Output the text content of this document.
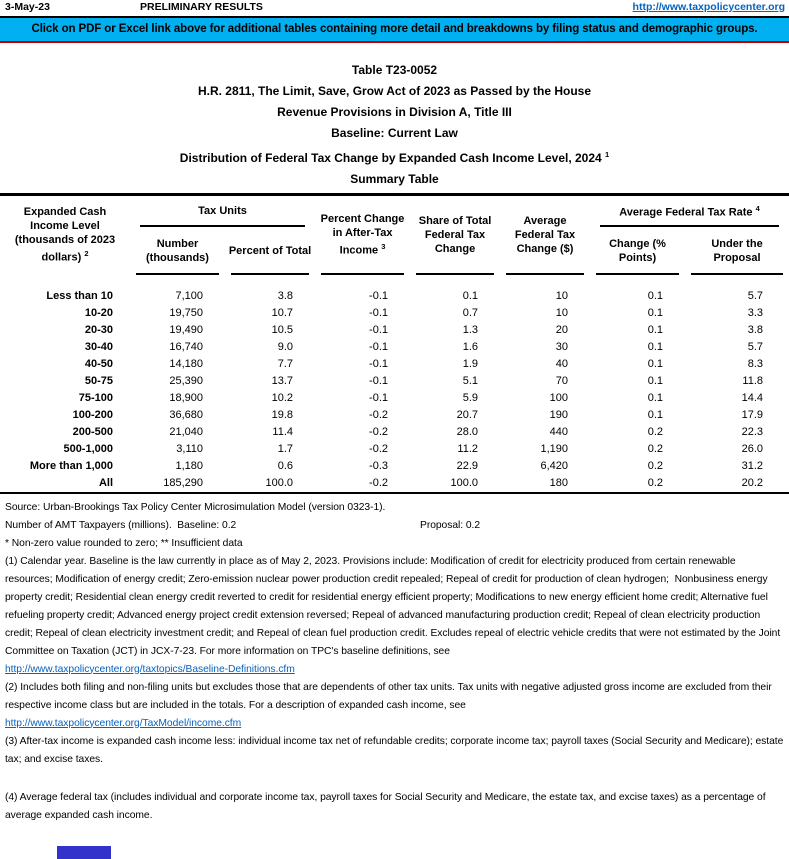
3-May-23	PRELIMINARY RESULTS	http://www.taxpolicycenter.org
Click on PDF or Excel link above for additional tables containing more detail and breakdowns by filing status and demographic groups.
Table T23-0052
H.R. 2811, The Limit, Save, Grow Act of 2023 as Passed by the House
Revenue Provisions in Division A, Title III
Baseline: Current Law
Distribution of Federal Tax Change by Expanded Cash Income Level, 2024 $^1$
Summary Table
Expanded Cash Income Level (thousands of 2023 dollars) $^2$	Tax Units		Percent Change in After-Tax Income $^3$	Share of Total Federal Tax Change	Average Federal Tax Change ($)	Average Federal Tax Rate $^4$

	Number (thousands)	Percent of Total				Change (% Points)	Under the Proposal

Less than 10	7,100	3.8	-0.1	0.1	10	0.1	5.7
10-20	19,750	10.7	-0.1	0.7	10	0.1	3.3
20-30	19,490	10.5	-0.1	1.3	20	0.1	3.8
30-40	16,740	9.0	-0.1	1.6	30	0.1	5.7
40-50	14,180	7.7	-0.1	1.9	40	0.1	8.3
50-75	25,390	13.7	-0.1	5.1	70	0.1	11.8
75-100	18,900	10.2	-0.1	5.9	100	0.1	14.4
100-200	36,680	19.8	-0.2	20.7	190	0.1	17.9
200-500	21,040	11.4	-0.2	28.0	440	0.2	22.3
500-1,000	3,110	1.7	-0.2	11.2	1,190	0.2	26.0
More than 1,000	1,180	0.6	-0.3	22.9	6,420	0.2	31.2
All	185,290	100.0	-0.2	100.0	180	0.2	20.2
Source: Urban-Brookings Tax Policy Center Microsimulation Model (version 0323-1).
Number of AMT Taxpayers (millions).  Baseline: 0.2	Proposal: 0.2
* Non-zero value rounded to zero; ** Insufficient data
(1) Calendar year. Baseline is the law currently in place as of May 2, 2023. Provisions include: Modification of credit for electricity produced from certain renewable resources; Modification of energy credit; Zero-emission nuclear power production credit repealed; Repeal of credit for production of clean hydrogen;  Nonbusiness energy property credit; Residential clean energy credit reverted to credit for residential energy efficient property; Modifications to new energy efficient home credit; Alternative fuel refueling property credit; Advanced energy project credit extension reversed; Repeal of advanced manufacturing production credit; Repeal of clean electricity production credit; Repeal of clean electricity investment credit; and Repeal of clean fuel production credit. Excludes repeal of electric vehicle credits that were not estimated by the Joint Committee on Taxation (JCT) in JCX-7-23. For more information on TPC's baseline definitions, see
http://www.taxpolicycenter.org/taxtopics/Baseline-Definitions.cfm
(2) Includes both filing and non-filing units but excludes those that are dependents of other tax units. Tax units with negative adjusted gross income are excluded from their respective income class but are included in the totals. For a description of expanded cash income, see
http://www.taxpolicycenter.org/TaxModel/income.cfm
(3) After-tax income is expanded cash income less: individual income tax net of refundable credits; corporate income tax; payroll taxes (Social Security and Medicare); estate tax; and excise taxes.
(4) Average federal tax (includes individual and corporate income tax, payroll taxes for Social Security and Medicare, the estate tax, and excise taxes) as a percentage of average expanded cash income.
